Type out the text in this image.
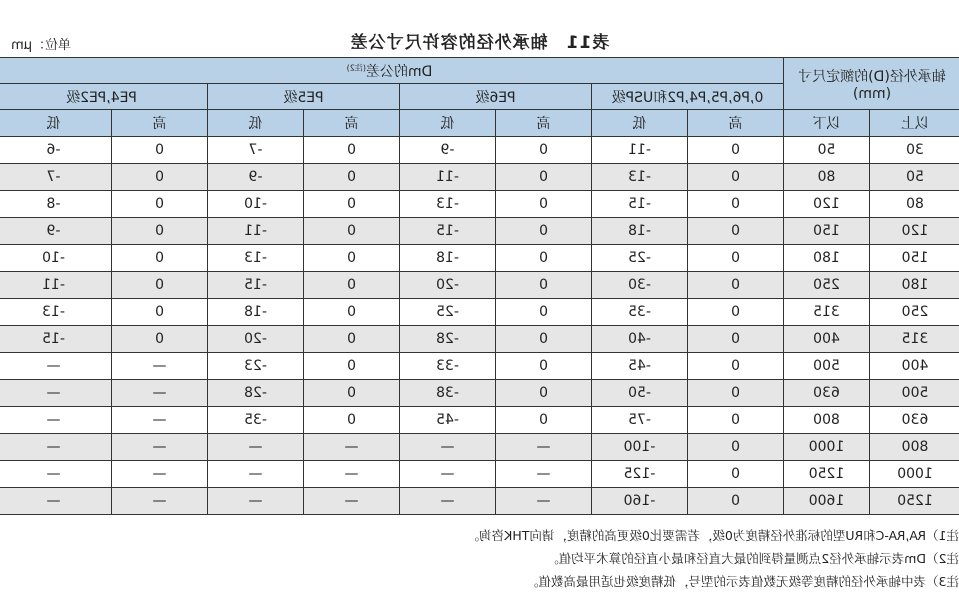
单位：μm	表11　轴承外径的容许尺寸公差
轴承外径(D)的额定尺寸(mm)		Dm的公差$^{(注2)}$
		0,P6,P5,P4,P2和USP级		PE6级		PE5级		PE4,PE2级	
以上	以下	高	低	高	低	高	低	高	低
30	50	0	-11	0	-9	0	-7	0	-6
50	80	0	-13	0	-11	0	-9	0	-7
80	120	0	-15	0	-13	0	-10	0	-8
120	150	0	-18	0	-15	0	-11	0	-9
150	180	0	-25	0	-18	0	-13	0	-10
180	250	0	-30	0	-20	0	-15	0	-11
250	315	0	-35	0	-25	0	-18	0	-13
315	400	0	-40	0	-28	0	-20	0	-15
400	500	0	-45	0	-33	0	-23	—	—
500	630	0	-50	0	-38	0	-28	—	—
630	800	0	-75	0	-45	0	-35	—	—
800	1000	0	-100	—	—	—	—	—	—
1000	1250	0	-125	—	—	—	—	—	—
1250	1600	0	-160	—	—	—	—	—	—
注1）RA,RA-C和RU型的标准外径精度为0级，若需要比0级更高的精度，请向THK咨询。
注2）Dm表示轴承外径2点测量得到的最大直径和最小直径的算术平均值。
注3）表中轴承外径的精度等级无数值表示的型号，低精度级也适用最高数值。
